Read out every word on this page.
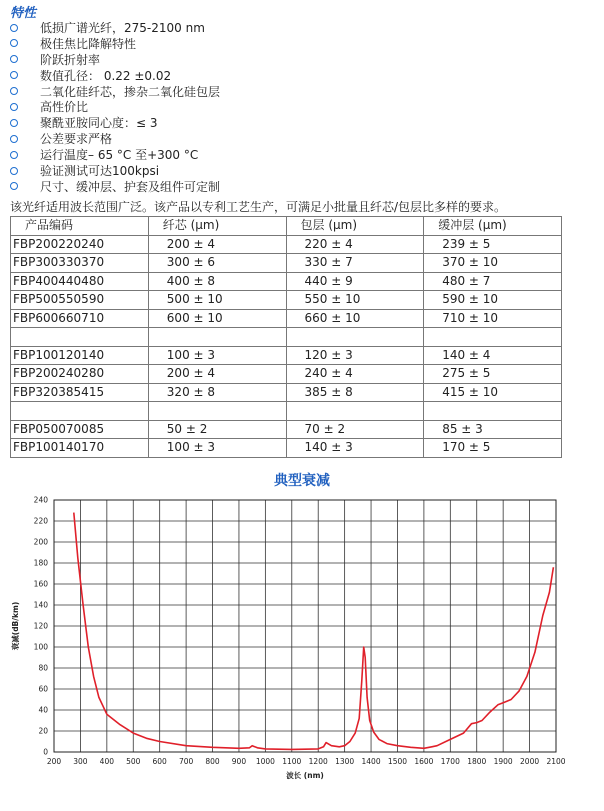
特性
低损广谱光纤，275-2100 nm
极佳焦比降解特性
阶跃折射率
数值孔径： 0.22 ±0.02
二氧化硅纤芯，掺杂二氧化硅包层
高性价比
聚酰亚胺同心度：≤ 3
公差要求严格
运行温度– 65 °C 至+300 °C
验证测试可达100kpsi
尺寸、缓冲层、护套及组件可定制
该光纤适用波长范围广泛。该产品以专利工艺生产，可满足小批量且纤芯/包层比多样的要求。
产品编码	纤芯 (µm)	包层 (µm)	缓冲层 (µm)
FBP200220240	200 ± 4	220 ± 4	239 ± 5
FBP300330370	300 ± 6	330 ± 7	370 ± 10
FBP400440480	400 ± 8	440 ± 9	480 ± 7
FBP500550590	500 ± 10	550 ± 10	590 ± 10
FBP600660710	600 ± 10	660 ± 10	710 ± 10

FBP100120140	100 ± 3	120 ± 3	140 ± 4
FBP200240280	200 ± 4	240 ± 4	275 ± 5
FBP320385415	320 ± 8	385 ± 8	415 ± 10

FBP050070085	50 ± 2	70 ± 2	85 ± 3
FBP100140170	100 ± 3	140 ± 3	170 ± 5
典型衰减
200 300 400 500 600 700 800 900 1000 1100 1200 1300 1400 1500 1600 1700 1800 1900 2000 2100
0
20
40
60
80
100
120
140
160
180
200
220
240
波长 (nm)
衰减(dB/km)
